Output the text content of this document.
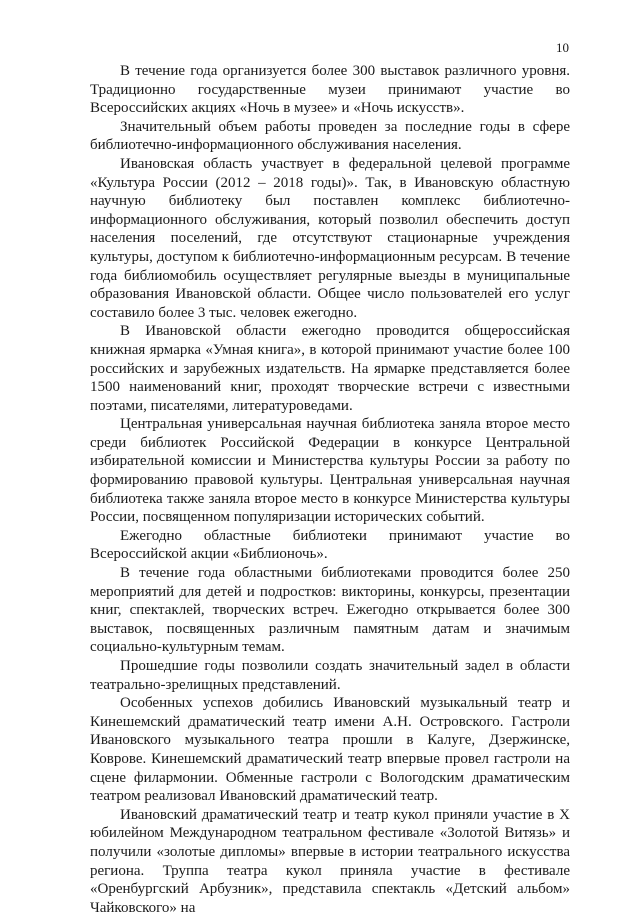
10

В течение года организуется более 300 выставок различного уровня. Традиционно государственные музеи принимают участие во Всероссийских акциях «Ночь в музее» и «Ночь искусств».

Значительный объем работы проведен за последние годы в сфере библиотечно-информационного обслуживания населения.

Ивановская область участвует в федеральной целевой программе «Культура России (2012 – 2018 годы)». Так, в Ивановскую областную научную библиотеку был поставлен комплекс библиотечно-информационного обслуживания, который позволил обеспечить доступ населения поселений, где отсутствуют стационарные учреждения культуры, доступом к библиотечно-информационным ресурсам. В течение года библиомобиль осуществляет регулярные выезды в муниципальные образования Ивановской области. Общее число пользователей его услуг составило более 3 тыс. человек ежегодно.

В Ивановской области ежегодно проводится общероссийская книжная ярмарка «Умная книга», в которой принимают участие более 100 российских и зарубежных издательств. На ярмарке представляется более 1500 наименований книг, проходят творческие встречи с известными поэтами, писателями, литературоведами.

Центральная универсальная научная библиотека заняла второе место среди библиотек Российской Федерации в конкурсе Центральной избирательной комиссии и Министерства культуры России за работу по формированию правовой культуры. Центральная универсальная научная библиотека также заняла второе место в конкурсе Министерства культуры России, посвященном популяризации исторических событий.

Ежегодно областные библиотеки принимают участие во Всероссийской акции «Библионочь».

В течение года областными библиотеками проводится более 250 мероприятий для детей и подростков: викторины, конкурсы, презентации книг, спектаклей, творческих встреч. Ежегодно открывается более 300 выставок, посвященных различным памятным датам и значимым социально-культурным темам.

Прошедшие годы позволили создать значительный задел в области театрально-зрелищных представлений.

Особенных успехов добились Ивановский музыкальный театр и Кинешемский драматический театр имени А.Н. Островского. Гастроли Ивановского музыкального театра прошли в Калуге, Дзержинске, Коврове. Кинешемский драматический театр впервые провел гастроли на сцене филармонии. Обменные гастроли с Вологодским драматическим театром реализовал Ивановский драматический театр.

Ивановский драматический театр и театр кукол приняли участие в X юбилейном Международном театральном фестивале «Золотой Витязь» и получили «золотые дипломы» впервые в истории театрального искусства региона. Труппа театра кукол приняла участие в фестивале «Оренбургский Арбузник», представила спектакль «Детский альбом» Чайковского» на
